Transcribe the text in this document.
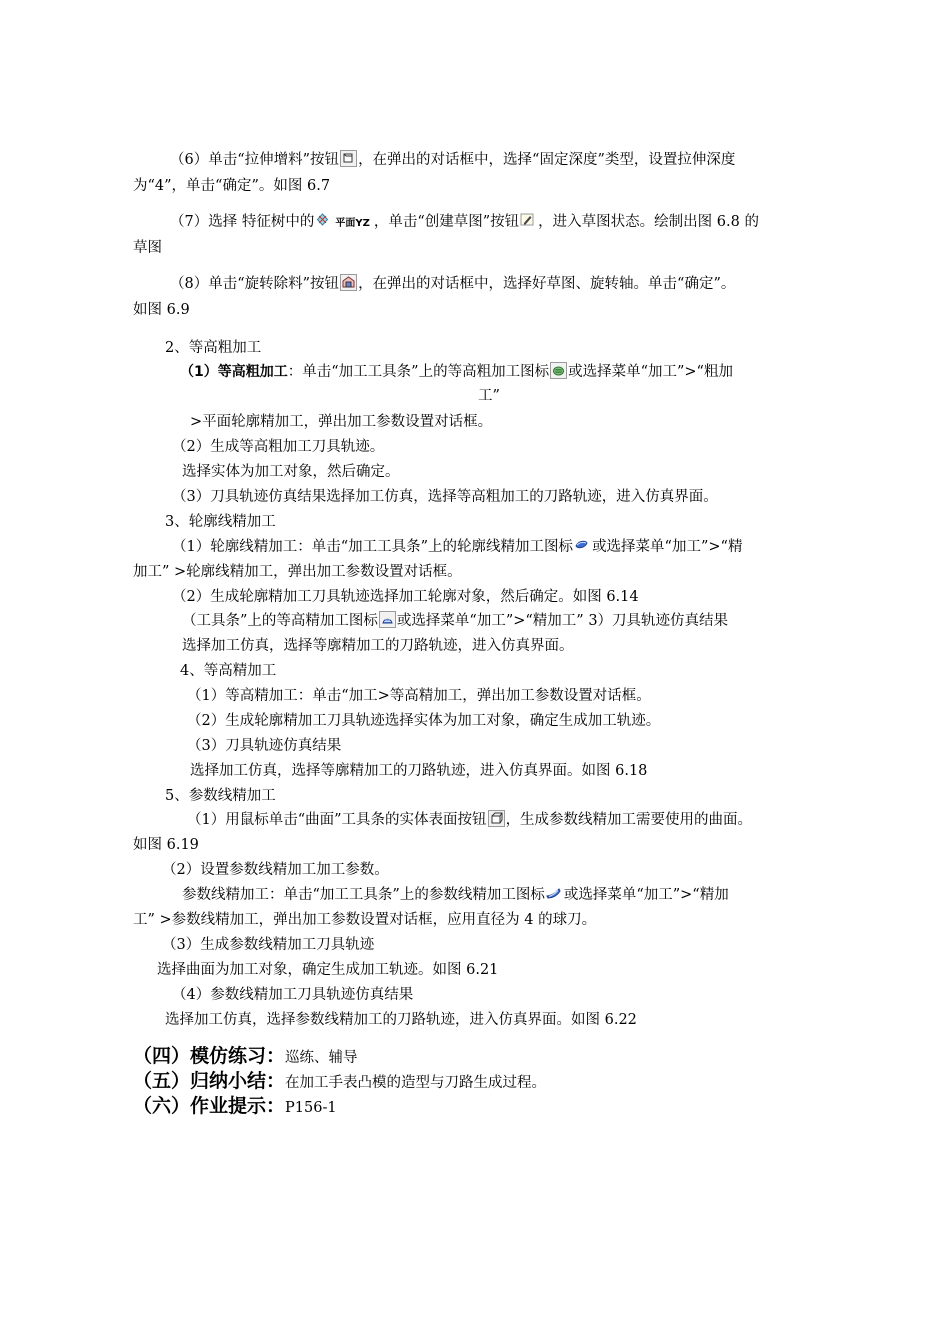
（6）单击“拉伸增料”按钮 ，在弹出的对话框中，选择“固定深度”类型，设置拉伸深度
为“4”，单击“确定”。如图 6.7
（7）选择 特征树中的 平面YZ ，单击“创建草图”按钮 ，进入草图状态。绘制出图 6.8 的
草图
（8）单击“旋转除料”按钮 ，在弹出的对话框中，选择好草图、旋转轴。单击“确定”。
如图 6.9
2、等高粗加工
（1）等高粗加工：单击“加工工具条”上的等高粗加工图标 或选择菜单“加工”>“粗加
工”
>平面轮廓精加工，弹出加工参数设置对话框。
（2）生成等高粗加工刀具轨迹。
选择实体为加工对象，然后确定。
（3）刀具轨迹仿真结果选择加工仿真，选择等高粗加工的刀路轨迹，进入仿真界面。
3、轮廓线精加工
（1）轮廓线精加工：单击“加工工具条”上的轮廓线精加工图标 或选择菜单“加工”>“精
加工” >轮廓线精加工，弹出加工参数设置对话框。
（2）生成轮廓精加工刀具轨迹选择加工轮廓对象，然后确定。如图 6.14
（工具条”上的等高精加工图标 或选择菜单“加工”>“精加工” 3）刀具轨迹仿真结果
选择加工仿真，选择等廓精加工的刀路轨迹，进入仿真界面。
4、等高精加工
（1）等高精加工：单击“加工>等高精加工，弹出加工参数设置对话框。
（2）生成轮廓精加工刀具轨迹选择实体为加工对象，确定生成加工轨迹。
（3）刀具轨迹仿真结果
选择加工仿真，选择等廓精加工的刀路轨迹，进入仿真界面。如图 6.18
5、参数线精加工
（1）用鼠标单击“曲面”工具条的实体表面按钮 ，生成参数线精加工需要使用的曲面。
如图 6.19
（2）设置参数线精加工加工参数。
参数线精加工：单击“加工工具条”上的参数线精加工图标 或选择菜单“加工”>“精加
工” >参数线精加工，弹出加工参数设置对话框，应用直径为 4 的球刀。
（3）生成参数线精加工刀具轨迹
选择曲面为加工对象，确定生成加工轨迹。如图 6.21
（4）参数线精加工刀具轨迹仿真结果
选择加工仿真，选择参数线精加工的刀路轨迹，进入仿真界面。如图 6.22
（四）模仿练习：巡练、辅导
（五）归纳小结：在加工手表凸模的造型与刀路生成过程。
（六）作业提示：P156-1
